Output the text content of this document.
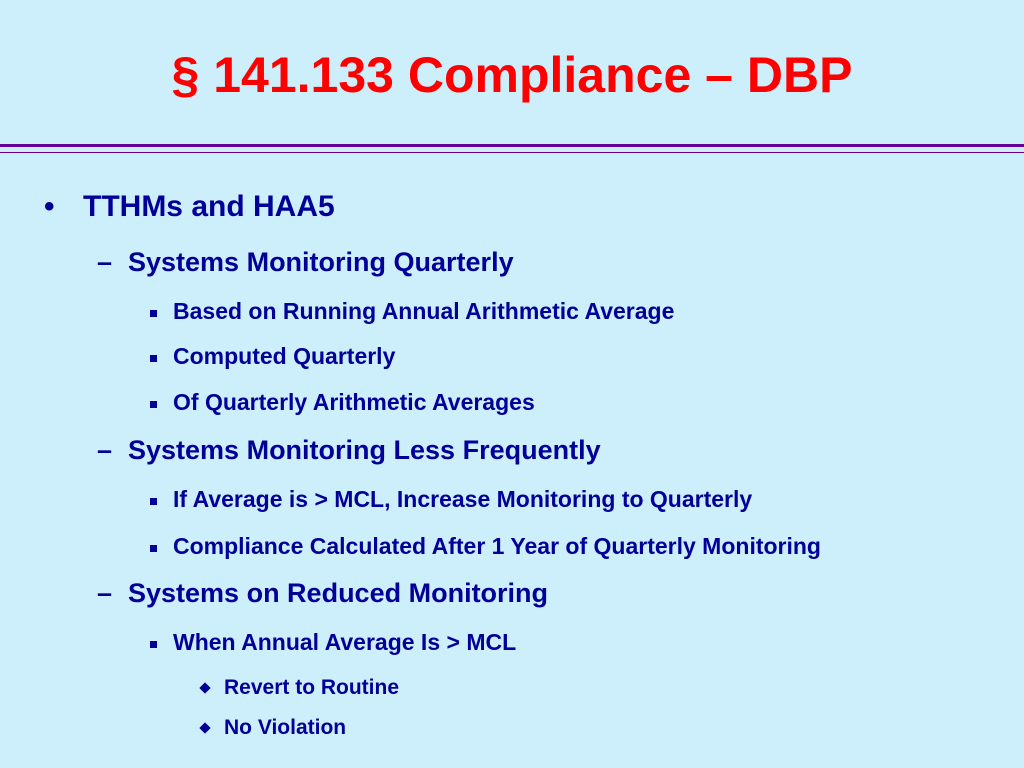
§ 141.133 Compliance – DBP
• TTHMs and HAA5
– Systems Monitoring Quarterly
Based on Running Annual Arithmetic Average
Computed Quarterly
Of Quarterly Arithmetic Averages
– Systems Monitoring Less Frequently
If Average is > MCL, Increase Monitoring to Quarterly
Compliance Calculated After 1 Year of Quarterly Monitoring
– Systems on Reduced Monitoring
When Annual Average Is > MCL
Revert to Routine
No Violation
